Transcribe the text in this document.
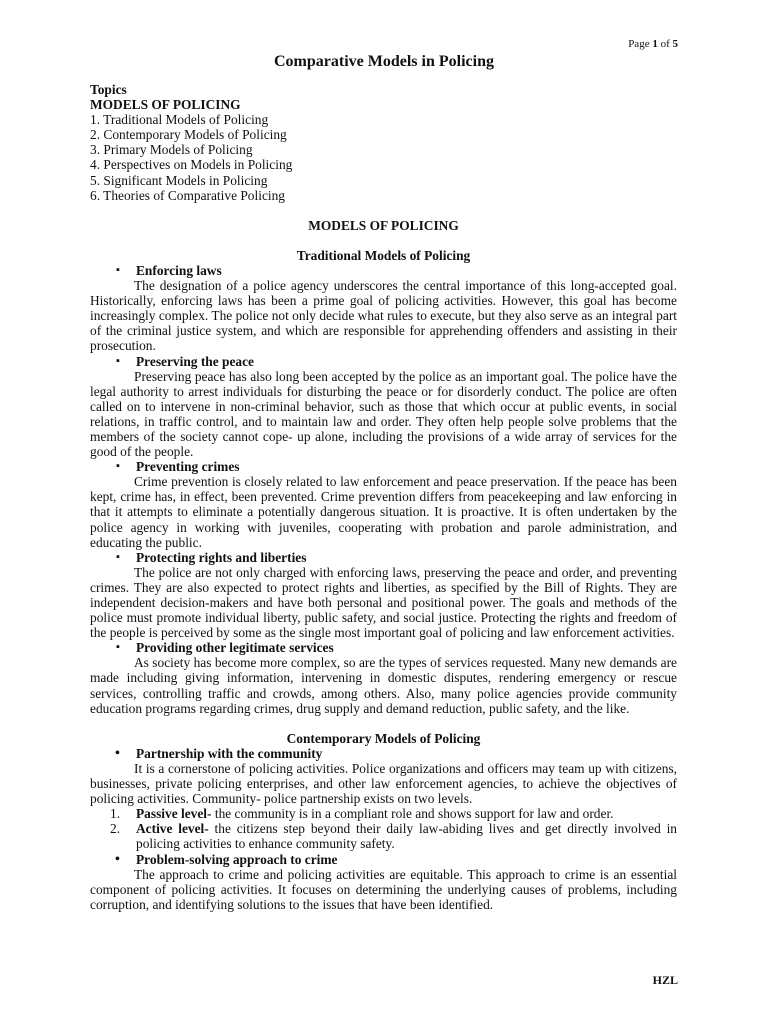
Page 1 of 5
Comparative Models in Policing
Topics
MODELS OF POLICING
1. Traditional Models of Policing
2. Contemporary Models of Policing
3. Primary Models of Policing
4. Perspectives on Models in Policing
5. Significant Models in Policing
6. Theories of Comparative Policing
MODELS OF POLICING
Traditional Models of Policing
▪ Enforcing laws

The designation of a police agency underscores the central importance of this long-accepted goal. Historically, enforcing laws has been a prime goal of policing activities. However, this goal has become increasingly complex. The police not only decide what rules to execute, but they also serve as an integral part of the criminal justice system, and which are responsible for apprehending offenders and assisting in their prosecution.

▪ Preserving the peace

Preserving peace has also long been accepted by the police as an important goal. The police have the legal authority to arrest individuals for disturbing the peace or for disorderly conduct. The police are often called on to intervene in non-criminal behavior, such as those that which occur at public events, in social relations, in traffic control, and to maintain law and order. They often help people solve problems that the members of the society cannot cope- up alone, including the provisions of a wide array of services for the good of the people.

▪ Preventing crimes

Crime prevention is closely related to law enforcement and peace preservation. If the peace has been kept, crime has, in effect, been prevented. Crime prevention differs from peacekeeping and law enforcing in that it attempts to eliminate a potentially dangerous situation. It is proactive. It is often undertaken by the police agency in working with juveniles, cooperating with probation and parole administration, and educating the public.

▪ Protecting rights and liberties

The police are not only charged with enforcing laws, preserving the peace and order, and preventing crimes. They are also expected to protect rights and liberties, as specified by the Bill of Rights. They are independent decision-makers and have both personal and positional power. The goals and methods of the police must promote individual liberty, public safety, and social justice. Protecting the rights and freedom of the people is perceived by some as the single most important goal of policing and law enforcement activities.

▪ Providing other legitimate services

As society has become more complex, so are the types of services requested. Many new demands are made including giving information, intervening in domestic disputes, rendering emergency or rescue services, controlling traffic and crowds, among others. Also, many police agencies provide community education programs regarding crimes, drug supply and demand reduction, public safety, and the like.

Contemporary Models of Policing
• Partnership with the community

It is a cornerstone of policing activities. Police organizations and officers may team up with citizens, businesses, private policing enterprises, and other law enforcement agencies, to achieve the objectives of policing activities. Community- police partnership exists on two levels.

1. Passive level- the community is in a compliant role and shows support for law and order.
2. Active level- the citizens step beyond their daily law-abiding lives and get directly involved in policing activities to enhance community safety.
• Problem-solving approach to crime

The approach to crime and policing activities are equitable. This approach to crime is an essential component of policing activities. It focuses on determining the underlying causes of problems, including corruption, and identifying solutions to the issues that have been identified.

HZL
